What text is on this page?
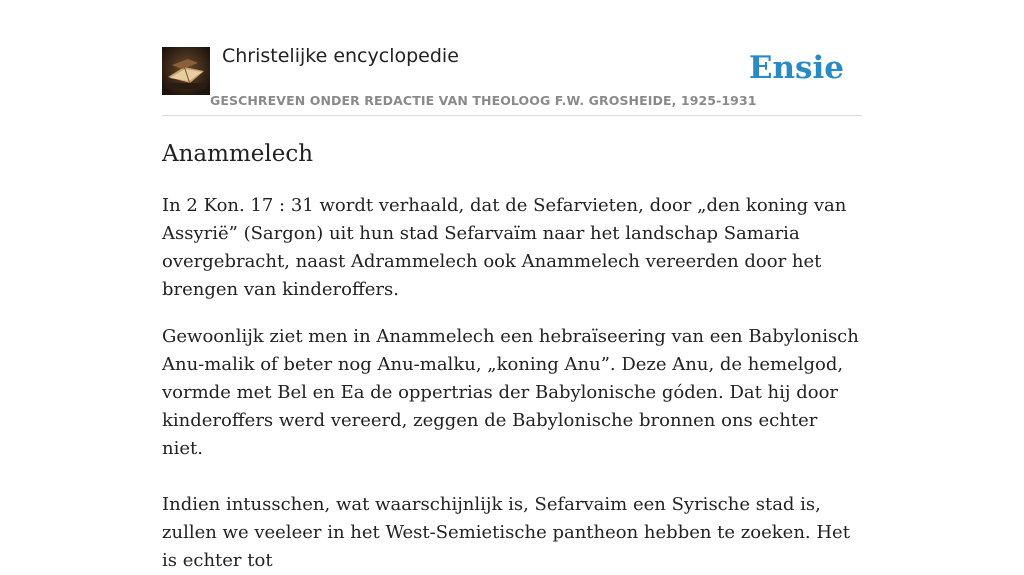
Christelijke encyclopedie
GESCHREVEN ONDER REDACTIE VAN THEOLOOG F.W. GROSHEIDE, 1925-1931
Ensie
Anammelech

In 2 Kon. 17 : 31 wordt verhaald, dat de Sefarvieten, door „den koning van Assyrië” (Sargon) uit hun stad Sefarvaïm naar het landschap Samaria overgebracht, naast Adrammelech ook Anammelech vereerden door het brengen van kinderoffers.

Gewoonlijk ziet men in Anammelech een hebraïseering van een Babylonisch Anu-malik of beter nog Anu-malku, „koning Anu”. Deze Anu, de hemelgod, vormde met Bel en Ea de oppertrias der Babylonische góden. Dat hij door kinderoffers werd vereerd, zeggen de Babylonische bronnen ons echter niet.

Indien intusschen, wat waarschijnlijk is, Sefarvaim een Syrische stad is, zullen we veeleer in het West-Semietische pantheon hebben te zoeken. Het is echter tot
